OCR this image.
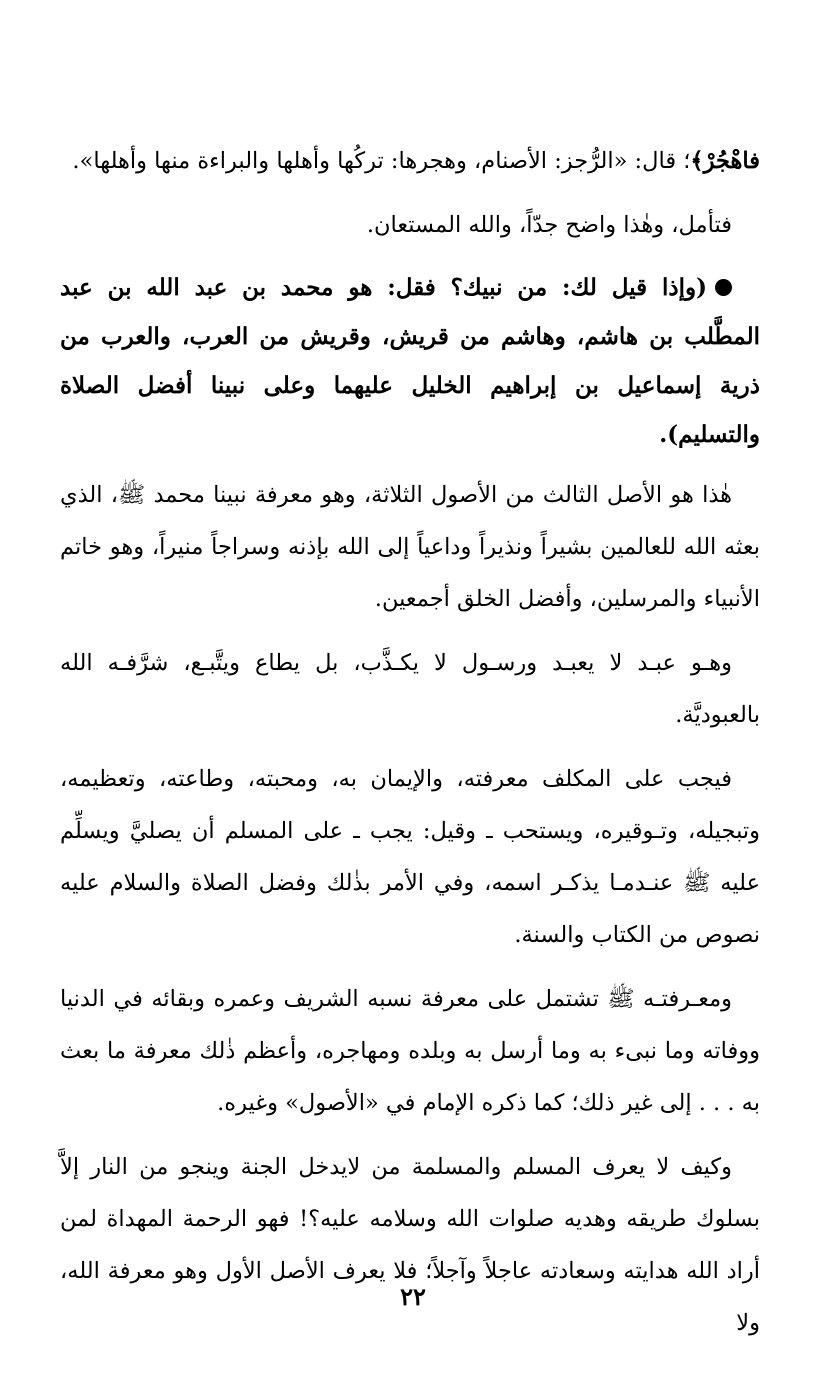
فاهْجُرْ﴾؛ قال: «الرُّجز: الأصنام، وهجرها: تركُها وأهلها والبراءة منها وأهلها».

فتأمل، وهٰذا واضح جدّاً، والله المستعان.

(وإذا قيل لك: من نبيك؟ فقل: هو محمد بن عبد الله بن عبد المطَّلب بن هاشم، وهاشم من قريش، وقريش من العرب، والعرب من ذرية إسماعيل بن إبراهيم الخليل عليهما وعلى نبينا أفضل الصلاة والتسليم).

هٰذا هو الأصل الثالث من الأصول الثلاثة، وهو معرفة نبينا محمد ﷺ، الذي بعثه الله للعالمين بشيراً ونذيراً وداعياً إلى الله بإذنه وسراجاً منيراً، وهو خاتم الأنبياء والمرسلين، وأفضل الخلق أجمعين.

وهـو عبـد لا يعبـد ورسـول لا يكـذَّب، بل يطاع ويتَّبـع، شرَّفـه الله بالعبوديَّة.

فيجب على المكلف معرفته، والإيمان به، ومحبته، وطاعته، وتعظيمه، وتبجيله، وتـوقيره، ويستحب ـ وقيل: يجب ـ على المسلم أن يصليَّ ويسلِّم عليه ﷺ عنـدمـا يذكـر اسمه، وفي الأمر بذٰلك وفضل الصلاة والسلام عليه نصوص من الكتاب والسنة.

ومعـرفتـه ﷺ تشتمل على معرفة نسبه الشريف وعمره وبقائه في الدنيا ووفاته وما نبىء به وما أرسل به وبلده ومهاجره، وأعظم ذٰلك معرفة ما بعث به . . . إلى غير ذلك؛ كما ذكره الإمام في «الأصول» وغيره.

وكيف لا يعرف المسلم والمسلمة من لايدخل الجنة وينجو من النار إلاَّ بسلوك طريقه وهديه صلوات الله وسلامه عليه؟! فهو الرحمة المهداة لمن أراد الله هدايته وسعادته عاجلاً وآجلاً؛ فلا يعرف الأصل الأول وهو معرفة الله، ولا

٢٢
